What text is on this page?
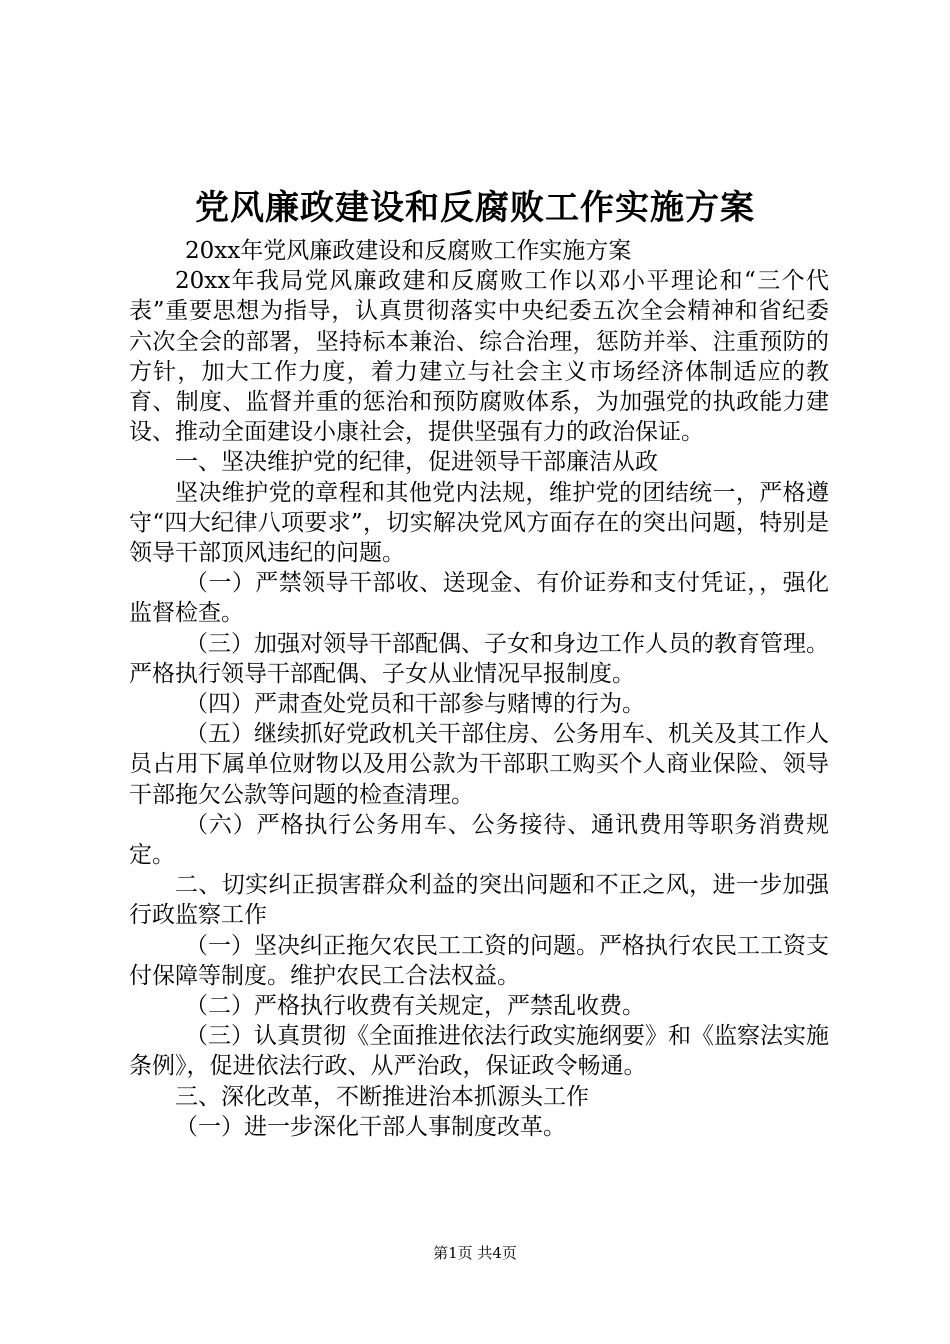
党风廉政建设和反腐败工作实施方案

20xx年党风廉政建设和反腐败工作实施方案

20xx年我局党风廉政建和反腐败工作以邓小平理论和“三个代表”重要思想为指导，认真贯彻落实中央纪委五次全会精神和省纪委六次全会的部署，坚持标本兼治、综合治理，惩防并举、注重预防的方针，加大工作力度，着力建立与社会主义市场经济体制适应的教育、制度、监督并重的惩治和预防腐败体系，为加强党的执政能力建设、推动全面建设小康社会，提供坚强有力的政治保证。

一、坚决维护党的纪律，促进领导干部廉洁从政

坚决维护党的章程和其他党内法规，维护党的团结统一，严格遵守“四大纪律八项要求”，切实解决党风方面存在的突出问题，特别是领导干部顶风违纪的问题。

（一）严禁领导干部收、送现金、有价证券和支付凭证，，强化监督检查。

（三）加强对领导干部配偶、子女和身边工作人员的教育管理。严格执行领导干部配偶、子女从业情况早报制度。

（四）严肃查处党员和干部参与赌博的行为。

（五）继续抓好党政机关干部住房、公务用车、机关及其工作人员占用下属单位财物以及用公款为干部职工购买个人商业保险、领导干部拖欠公款等问题的检查清理。

（六）严格执行公务用车、公务接待、通讯费用等职务消费规定。

二、切实纠正损害群众利益的突出问题和不正之风，进一步加强行政监察工作

（一）坚决纠正拖欠农民工工资的问题。严格执行农民工工资支付保障等制度。维护农民工合法权益。

（二）严格执行收费有关规定，严禁乱收费。

（三）认真贯彻《全面推进依法行政实施纲要》和《监察法实施条例》，促进依法行政、从严治政，保证政令畅通。

三、深化改革，不断推进治本抓源头工作

（一）进一步深化干部人事制度改革。

第1页 共4页
